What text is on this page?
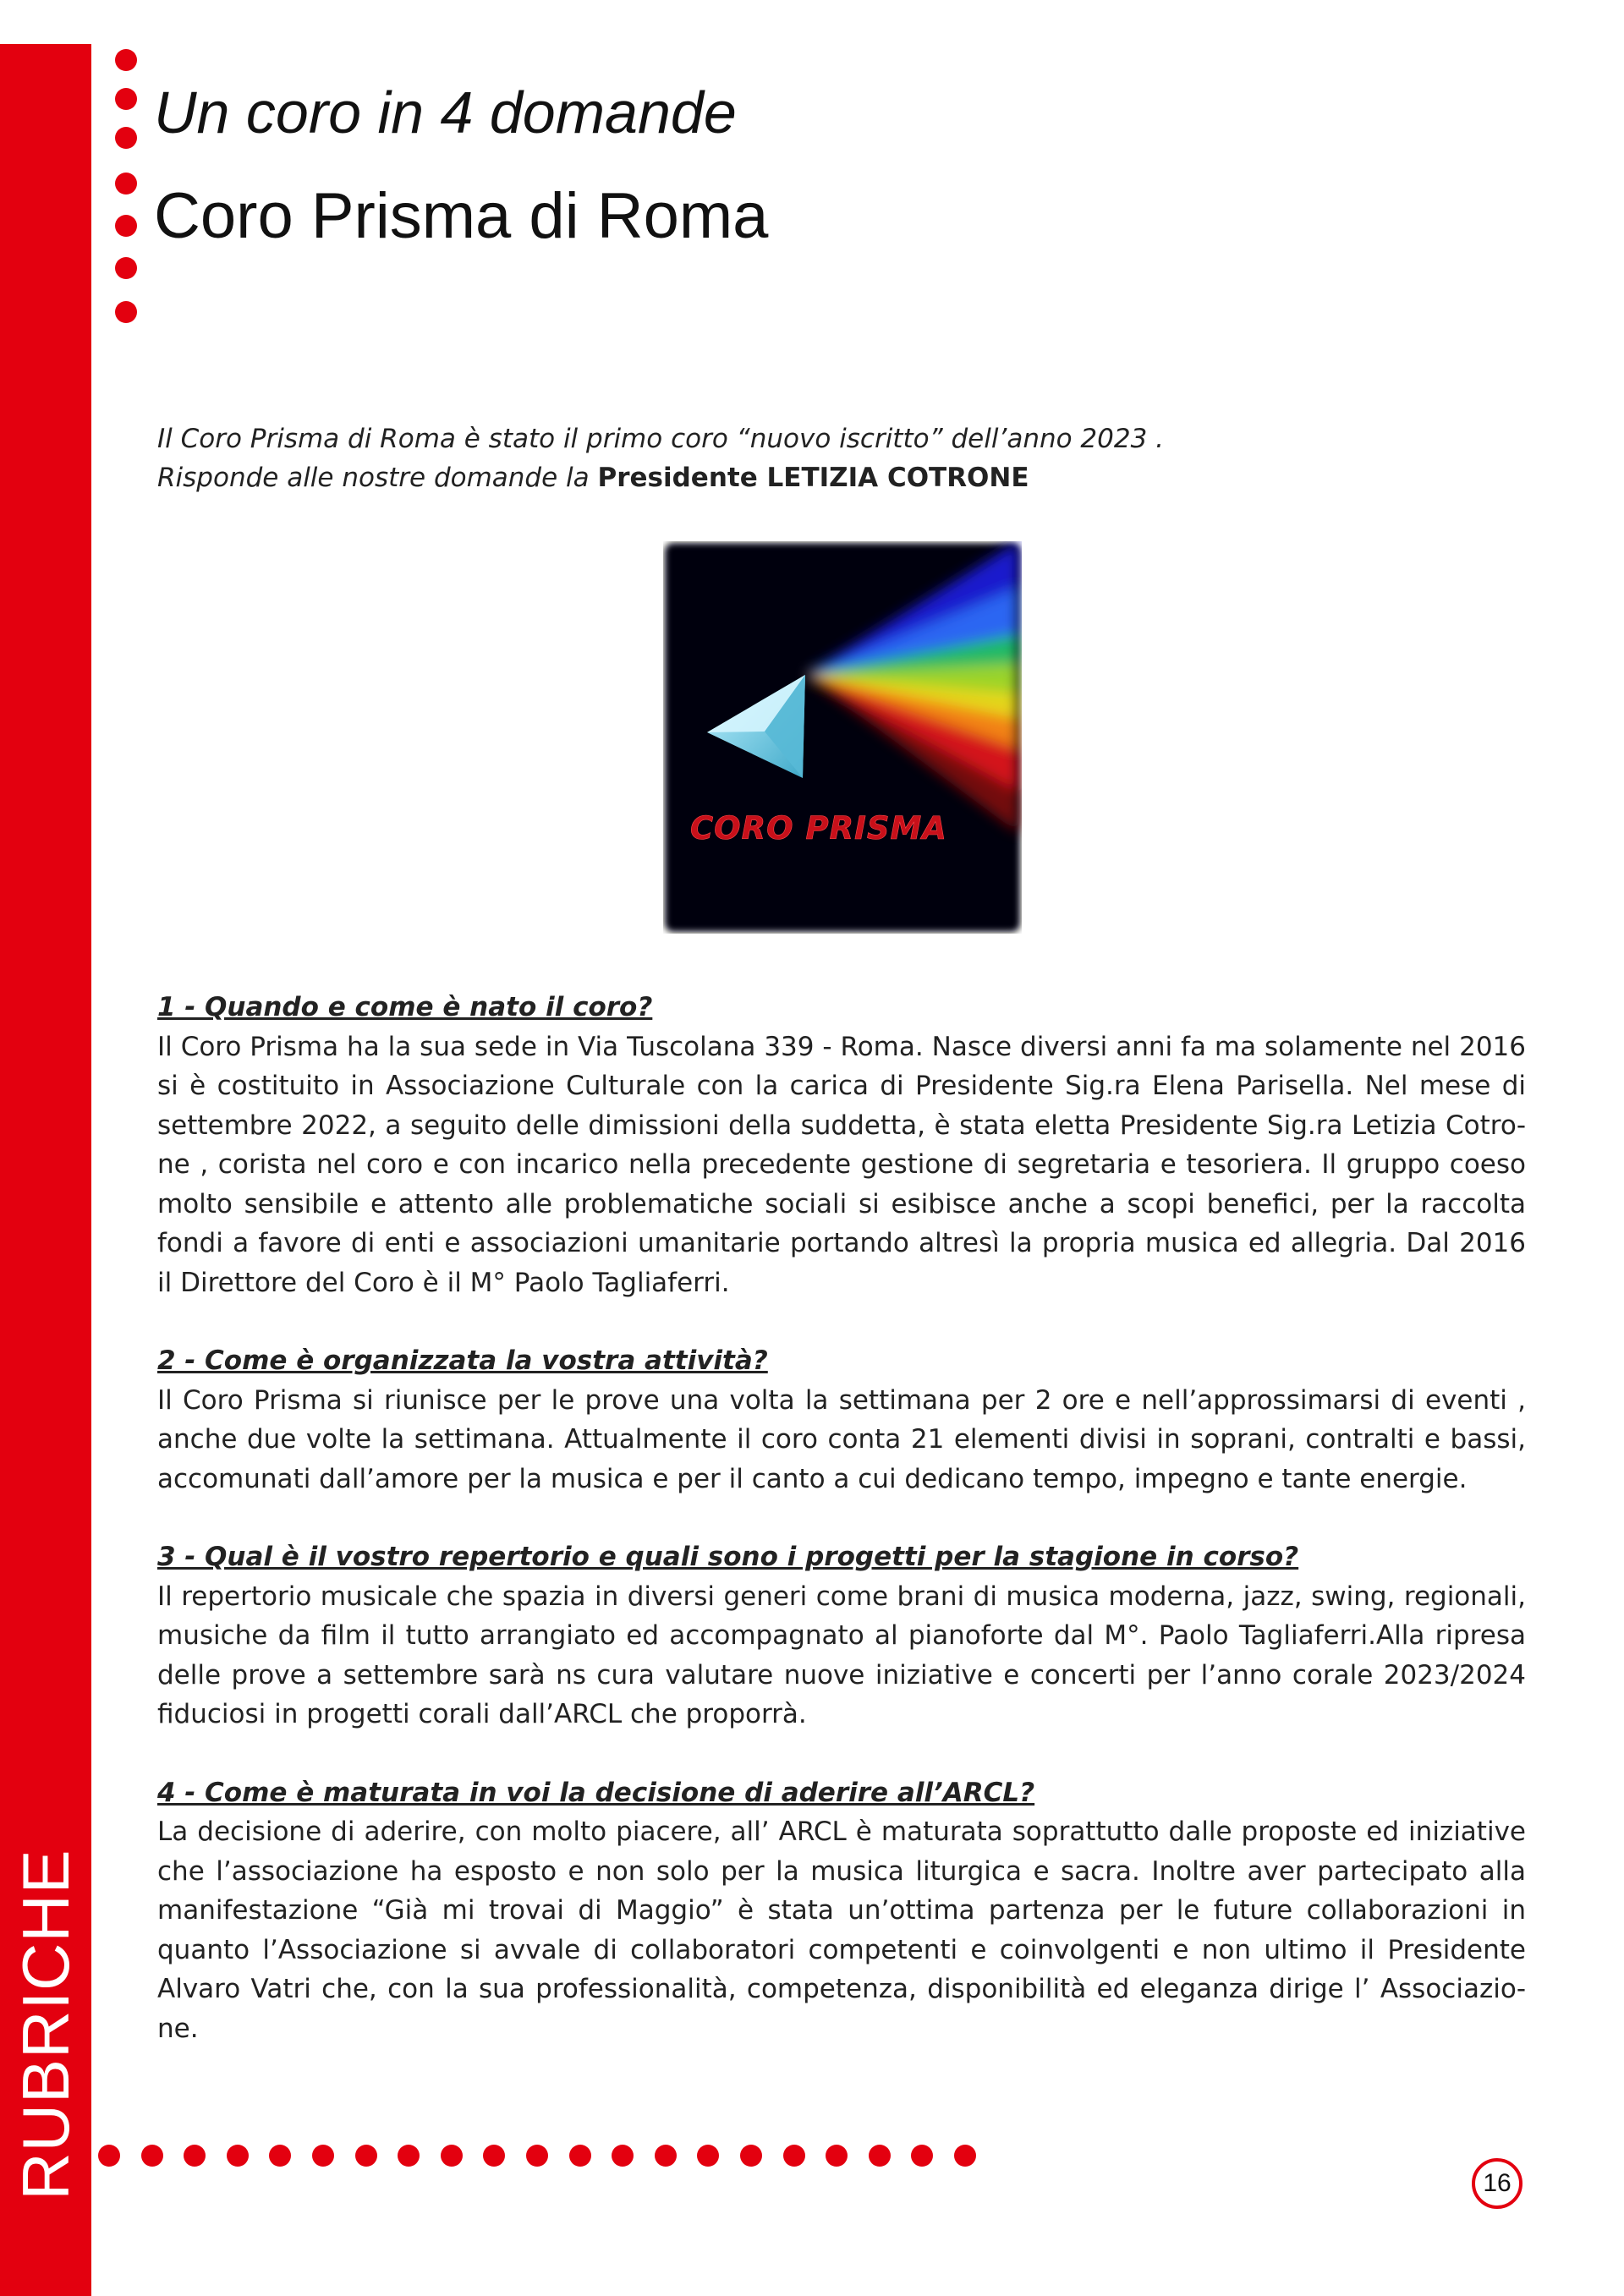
RUBRICHE
Un coro in 4 domande
Coro Prisma di Roma

Il Coro Prisma di Roma è stato il primo coro “nuovo iscritto” dell’anno 2023 .

Risponde alle nostre domande la Presidente LETIZIA COTRONE

CORO PRISMA

1 - Quando e come è nato il coro?

Il Coro Prisma ha la sua sede in Via Tuscolana 339 - Roma. Nasce diversi anni fa ma solamente nel 2016 si è costituito in Associazione Culturale con la carica di Presidente Sig.ra Elena Parisella. Nel mese di settembre 2022, a seguito delle dimissioni della suddetta, è stata eletta Presidente Sig.ra Letizia Cotrone , corista nel coro e con incarico nella precedente gestione di segretaria e tesoriera. Il gruppo coeso molto sensibile e attento alle problematiche sociali si esibisce anche a scopi benefici, per la raccolta fondi a favore di enti e associazioni umanitarie portando altresì la propria musica ed allegria. Dal 2016 il Direttore del Coro è il M° Paolo Tagliaferri.

2 - Come è organizzata la vostra attività?

Il Coro Prisma si riunisce per le prove una volta la settimana per 2 ore e nell’approssimarsi di eventi , anche due volte la settimana. Attualmente il coro conta 21 elementi divisi in soprani, contralti e bassi, accomunati dall’amore per la musica e per il canto a cui dedicano tempo, impegno e tante energie.

3 - Qual è il vostro repertorio e quali sono i progetti per la stagione in corso?

Il repertorio musicale che spazia in diversi generi come brani di musica moderna, jazz, swing, regionali, musiche da film il tutto arrangiato ed accompagnato al pianoforte dal M°. Paolo Tagliaferri.Alla ripresa delle prove a settembre sarà ns cura valutare nuove iniziative e concerti per l’anno corale 2023/2024 fiduciosi in progetti corali dall’ARCL che proporrà.

4 - Come è maturata in voi la decisione di aderire all’ARCL?

La decisione di aderire, con molto piacere, all’ ARCL è maturata soprattutto dalle proposte ed iniziative che l’associazione ha esposto e non solo per la musica liturgica e sacra. Inoltre aver partecipato alla manifestazione “Già mi trovai di Maggio” è stata un’ottima partenza per le future collaborazioni in quanto l’Associazione si avvale di collaboratori competenti e coinvolgenti e non ultimo il Presidente Alvaro Vatri che, con la sua professionalità, competenza, disponibilità ed eleganza dirige l’ Associazione.

16
